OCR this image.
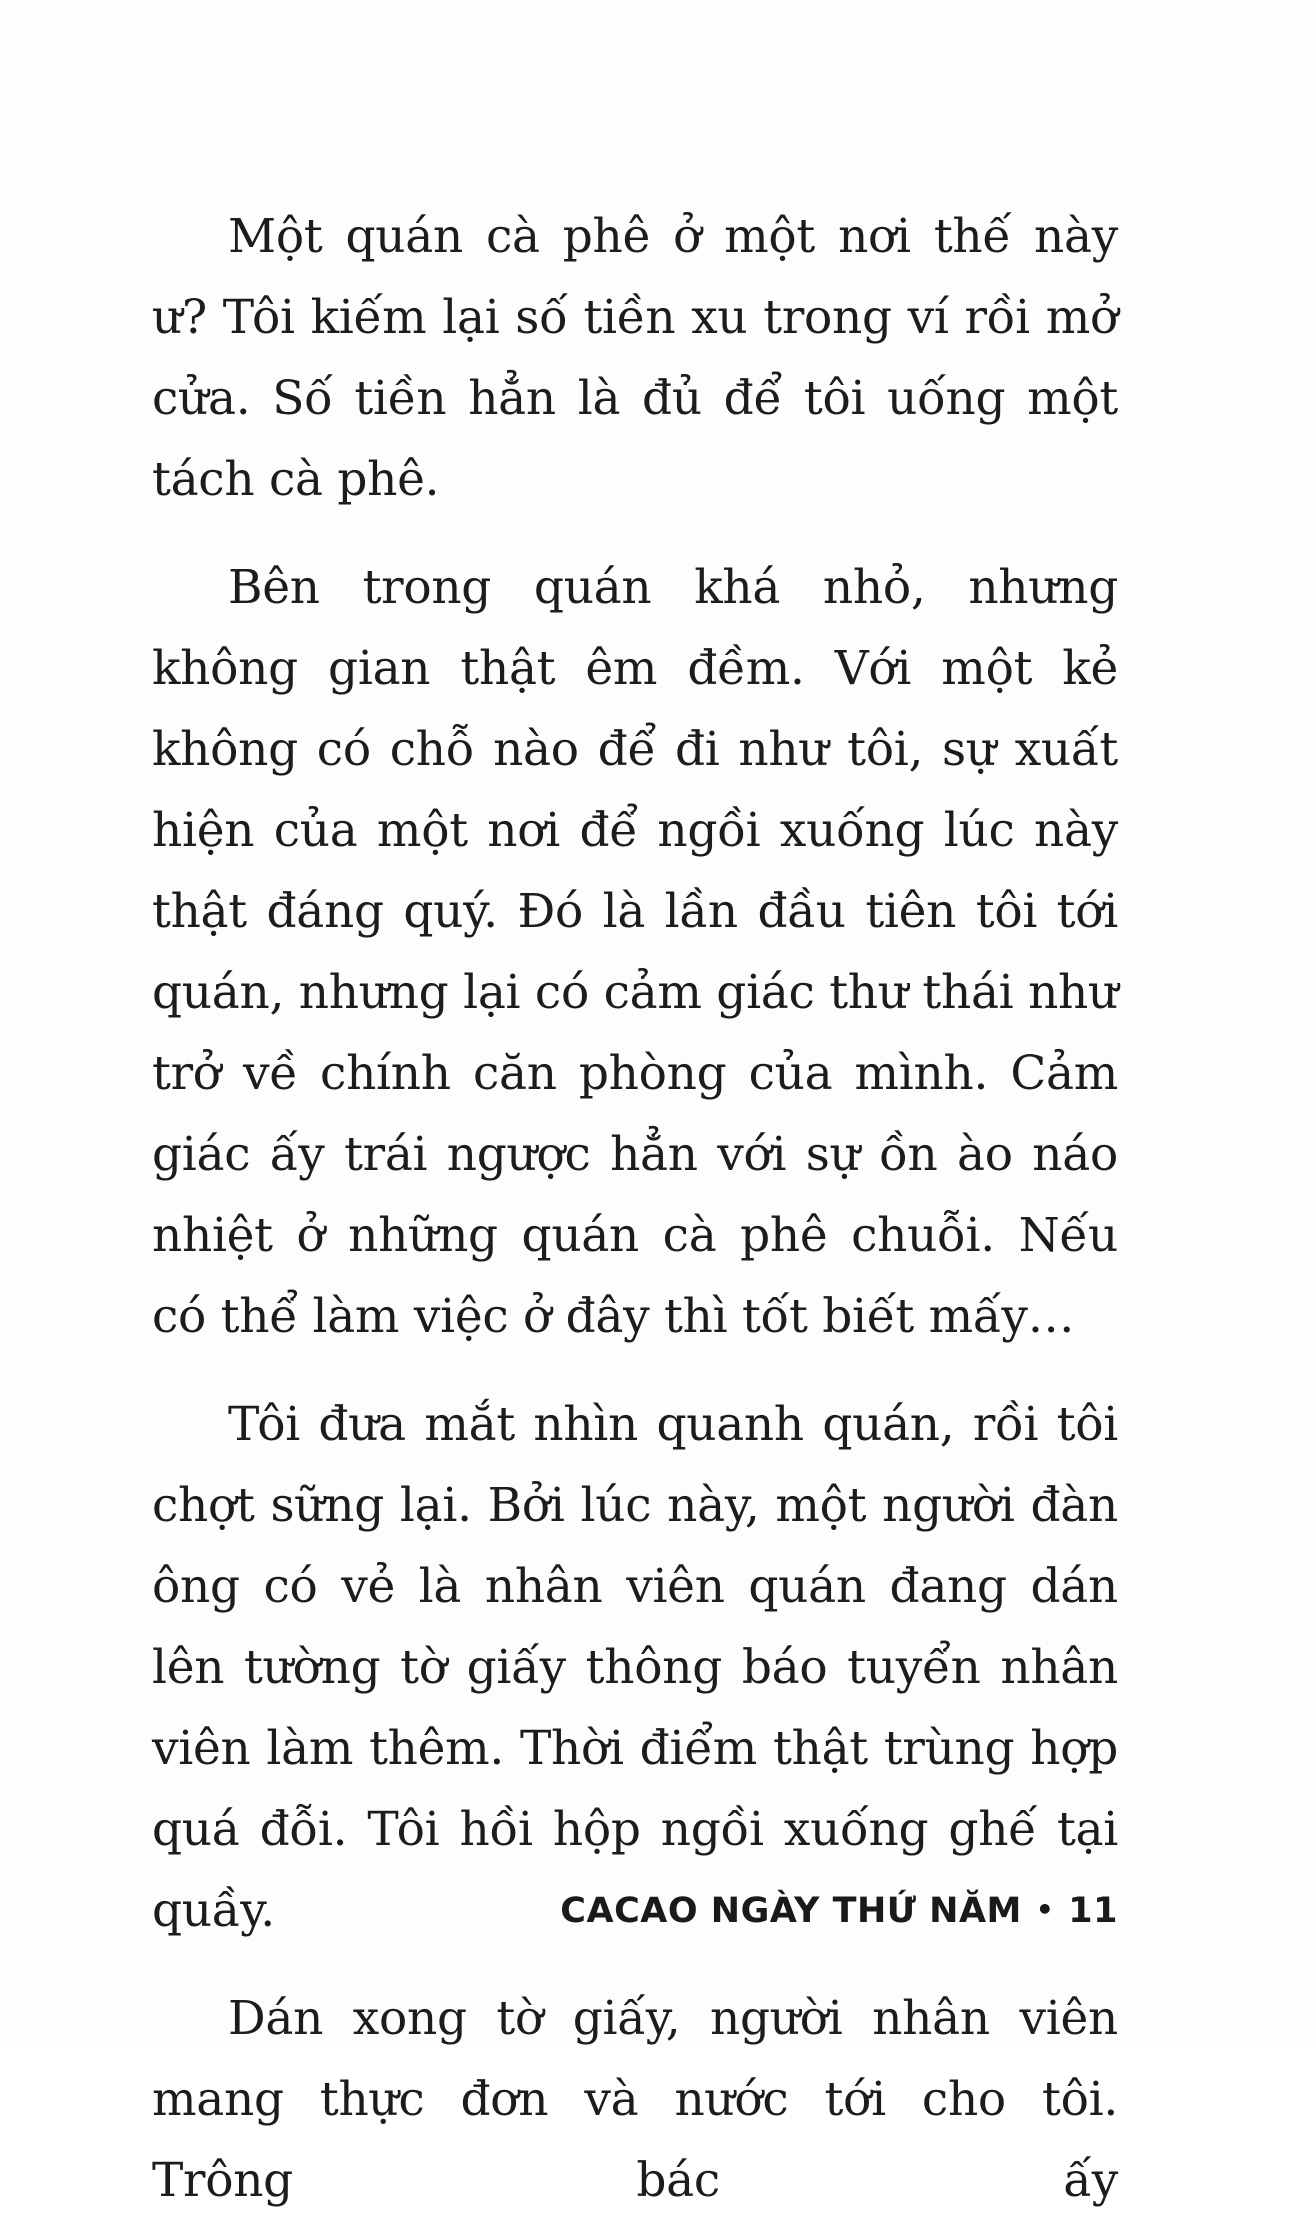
Một quán cà phê ở một nơi thế này ư? Tôi kiếm lại số tiền xu trong ví rồi mở cửa. Số tiền hẳn là đủ để tôi uống một tách cà phê.

Bên trong quán khá nhỏ, nhưng không gian thật êm đềm. Với một kẻ không có chỗ nào để đi như tôi, sự xuất hiện của một nơi để ngồi xuống lúc này thật đáng quý. Đó là lần đầu tiên tôi tới quán, nhưng lại có cảm giác thư thái như trở về chính căn phòng của mình. Cảm giác ấy trái ngược hẳn với sự ồn ào náo nhiệt ở những quán cà phê chuỗi. Nếu có thể làm việc ở đây thì tốt biết mấy…

Tôi đưa mắt nhìn quanh quán, rồi tôi chợt sững lại. Bởi lúc này, một người đàn ông có vẻ là nhân viên quán đang dán lên tường tờ giấy thông báo tuyển nhân viên làm thêm. Thời điểm thật trùng hợp quá đỗi. Tôi hồi hộp ngồi xuống ghế tại quầy.

Dán xong tờ giấy, người nhân viên mang thực đơn và nước tới cho tôi. Trông bác ấy

CACAO NGÀY THỨ NĂM • 11
